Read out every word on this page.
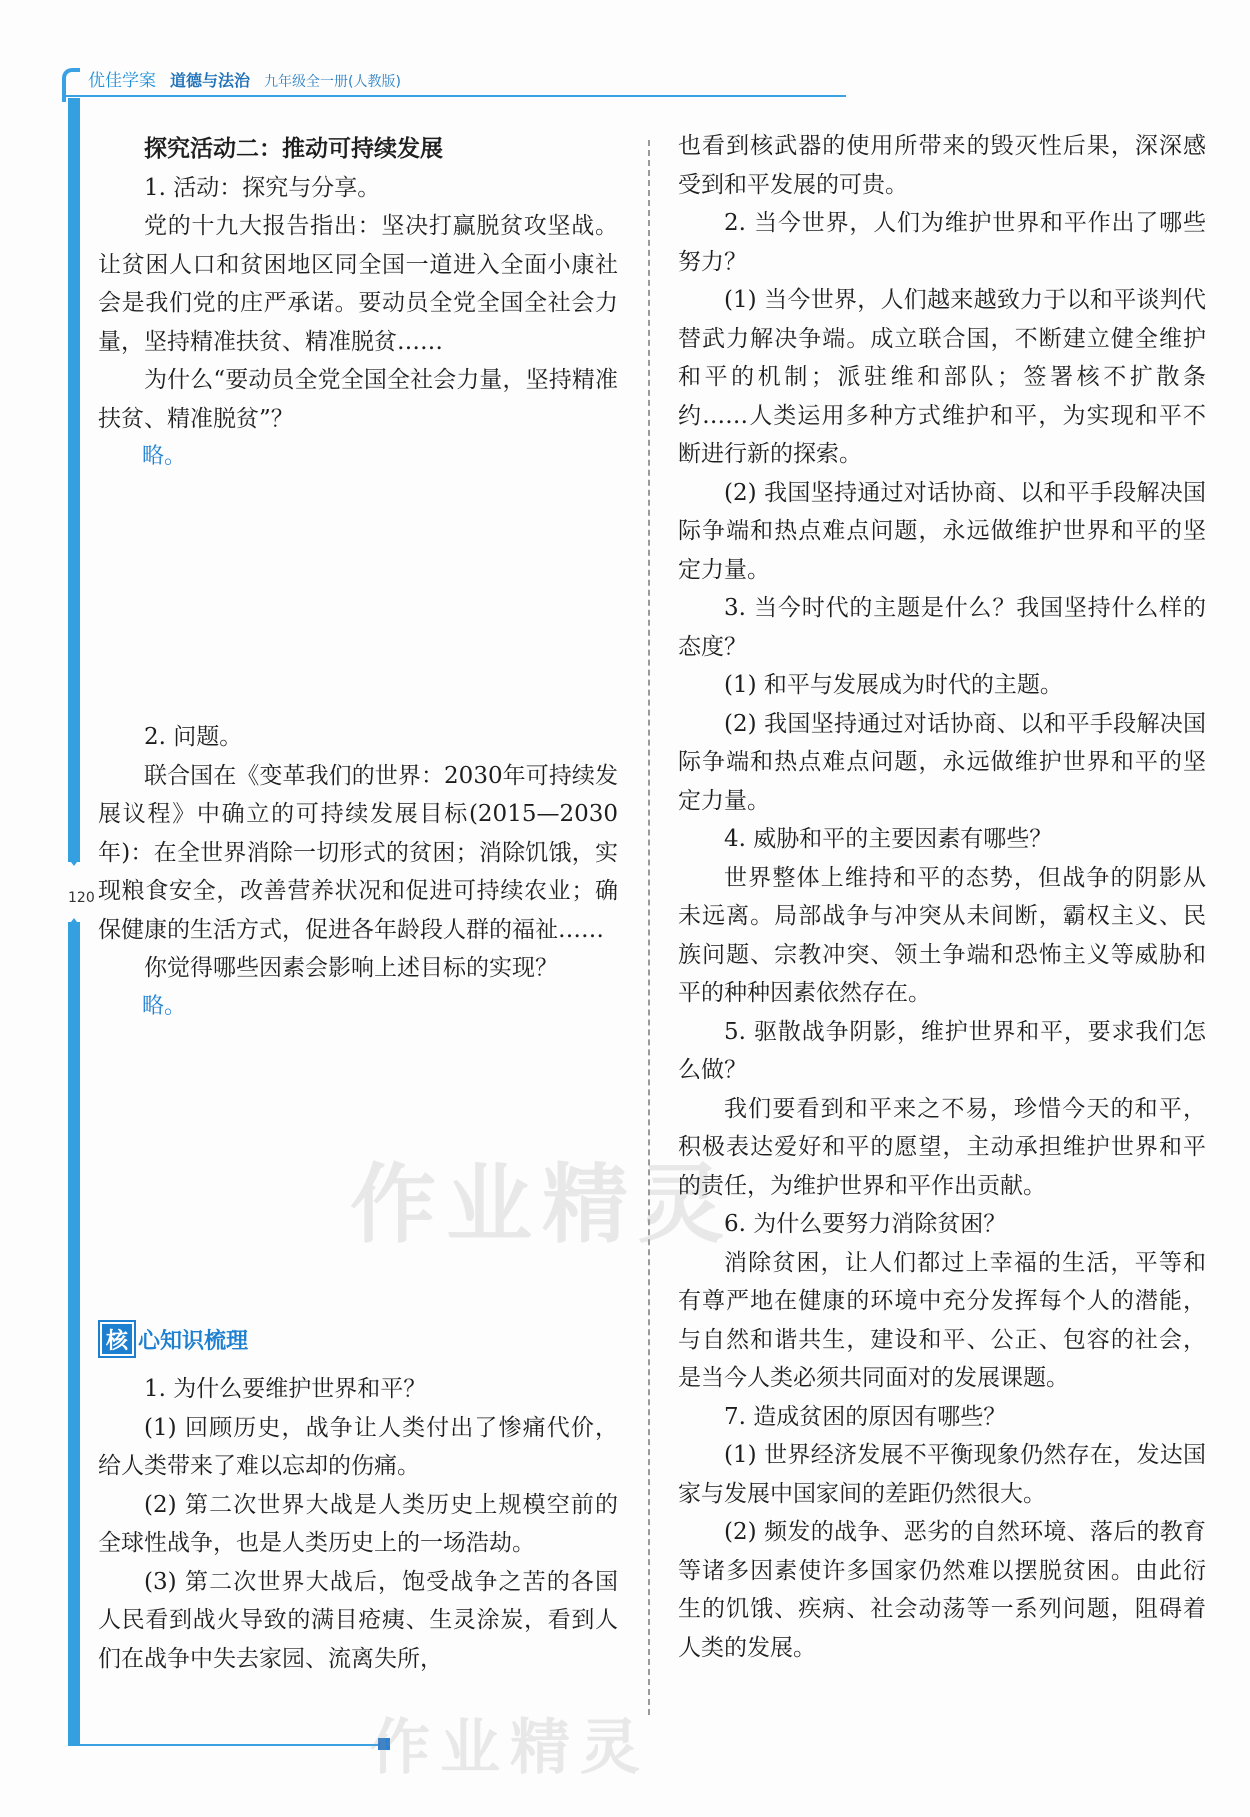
优佳学案 道德与法治 九年级全一册(人教版)
120
作业精灵
作业精灵

探究活动二：推动可持续发展

1. 活动：探究与分享。

党的十九大报告指出：坚决打赢脱贫攻坚战。让贫困人口和贫困地区同全国一道进入全面小康社会是我们党的庄严承诺。要动员全党全国全社会力量，坚持精准扶贫、精准脱贫……

为什么“要动员全党全国全社会力量，坚持精准扶贫、精准脱贫”？

略。

2. 问题。

联合国在《变革我们的世界：2030年可持续发展议程》中确立的可持续发展目标(2015—2030年)：在全世界消除一切形式的贫困；消除饥饿，实现粮食安全，改善营养状况和促进可持续农业；确保健康的生活方式，促进各年龄段人群的福祉……

你觉得哪些因素会影响上述目标的实现？

略。

核 心知识梳理

1. 为什么要维护世界和平？

(1) 回顾历史，战争让人类付出了惨痛代价，给人类带来了难以忘却的伤痛。

(2) 第二次世界大战是人类历史上规模空前的全球性战争，也是人类历史上的一场浩劫。

(3) 第二次世界大战后，饱受战争之苦的各国人民看到战火导致的满目疮痍、生灵涂炭，看到人们在战争中失去家园、流离失所，

也看到核武器的使用所带来的毁灭性后果，深深感受到和平发展的可贵。

2. 当今世界，人们为维护世界和平作出了哪些努力？

(1) 当今世界，人们越来越致力于以和平谈判代替武力解决争端。成立联合国，不断建立健全维护和平的机制；派驻维和部队；签署核不扩散条约……人类运用多种方式维护和平，为实现和平不断进行新的探索。

(2) 我国坚持通过对话协商、以和平手段解决国际争端和热点难点问题，永远做维护世界和平的坚定力量。

3. 当今时代的主题是什么？我国坚持什么样的态度？

(1) 和平与发展成为时代的主题。

(2) 我国坚持通过对话协商、以和平手段解决国际争端和热点难点问题，永远做维护世界和平的坚定力量。

4. 威胁和平的主要因素有哪些？

世界整体上维持和平的态势，但战争的阴影从未远离。局部战争与冲突从未间断，霸权主义、民族问题、宗教冲突、领土争端和恐怖主义等威胁和平的种种因素依然存在。

5. 驱散战争阴影，维护世界和平，要求我们怎么做？

我们要看到和平来之不易，珍惜今天的和平，积极表达爱好和平的愿望，主动承担维护世界和平的责任，为维护世界和平作出贡献。

6. 为什么要努力消除贫困？

消除贫困，让人们都过上幸福的生活，平等和有尊严地在健康的环境中充分发挥每个人的潜能，与自然和谐共生，建设和平、公正、包容的社会，是当今人类必须共同面对的发展课题。

7. 造成贫困的原因有哪些？

(1) 世界经济发展不平衡现象仍然存在，发达国家与发展中国家间的差距仍然很大。

(2) 频发的战争、恶劣的自然环境、落后的教育等诸多因素使许多国家仍然难以摆脱贫困。由此衍生的饥饿、疾病、社会动荡等一系列问题，阻碍着人类的发展。
